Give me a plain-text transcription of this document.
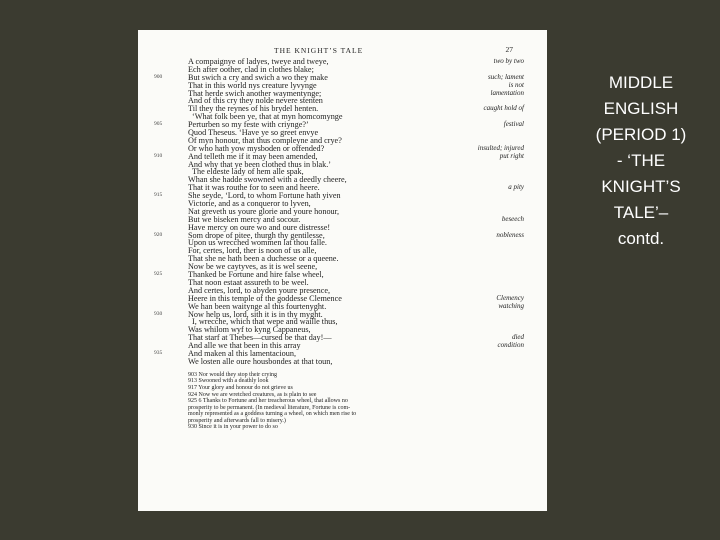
THE KNIGHT’S TALE	27
A compaignye of ladyes, tweye and tweye,	two by two
Ech after oother, clad in clothes blake;
900	But swich a cry and swich a wo they make	such; lament
That in this world nys creature lyvynge	is not
That herde swich another waymentynge;	lamentation
And of this cry they nolde nevere stenten
Til they the reynes of his brydel henten.	caught hold of
‘What folk been ye, that at myn homcomynge
905	Perturben so my feste with criynge?’	festival
Quod Theseus. ‘Have ye so greet envye
Of myn honour, that thus compleyne and crye?
Or who hath yow mysboden or offended?	insulted; injured
910	And telleth me if it may been amended,	put right
And why that ye been clothed thus in blak.’
The eldeste lady of hem alle spak,
Whan she hadde swowned with a deedly cheere,
That it was routhe for to seen and heere.	a pity
915	She seyde, ‘Lord, to whom Fortune hath yiven
Victorie, and as a conqueror to lyven,
Nat greveth us youre glorie and youre honour,
But we biseken mercy and socour.	beseech
Have mercy on oure wo and oure distresse!
920	Som drope of pitee, thurgh thy gentilesse,	nobleness
Upon us wrecched wommen lat thou falle.
For, certes, lord, ther is noon of us alle,
That she ne hath been a duchesse or a queene.
Now be we caytyves, as it is wel seene,
925	Thanked be Fortune and hire false wheel,
That noon estaat assureth to be weel.
And certes, lord, to abyden youre presence,
Heere in this temple of the goddesse Clemence	Clemency
We han been waitynge al this fourtenyght.	watching
930	Now help us, lord, sith it is in thy myght.
I, wrecche, which that wepe and waille thus,
Was whilom wyf to kyng Cappaneus,
That starf at Thebes—cursed be that day!—	died
And alle we that been in this array	condition
935	And maken al this lamentacioun,
We losten alle oure housbondes at that toun,
903 Nor would they stop their crying
913 Swooned with a deathly look
917 Your glory and honour do not grieve us
924 Now we are wretched creatures, as is plain to see
925 6 Thanks to Fortune and her treacherous wheel, that allows no
prosperity to be permanent. (In medieval literature, Fortune is com-
monly represented as a goddess turning a wheel, on which men rise to
prosperity and afterwards fall to misery.)
930 Since it is in your power to do so
MIDDLE
ENGLISH
(PERIOD 1)
- ‘THE
KNIGHT’S
TALE’–
contd.
